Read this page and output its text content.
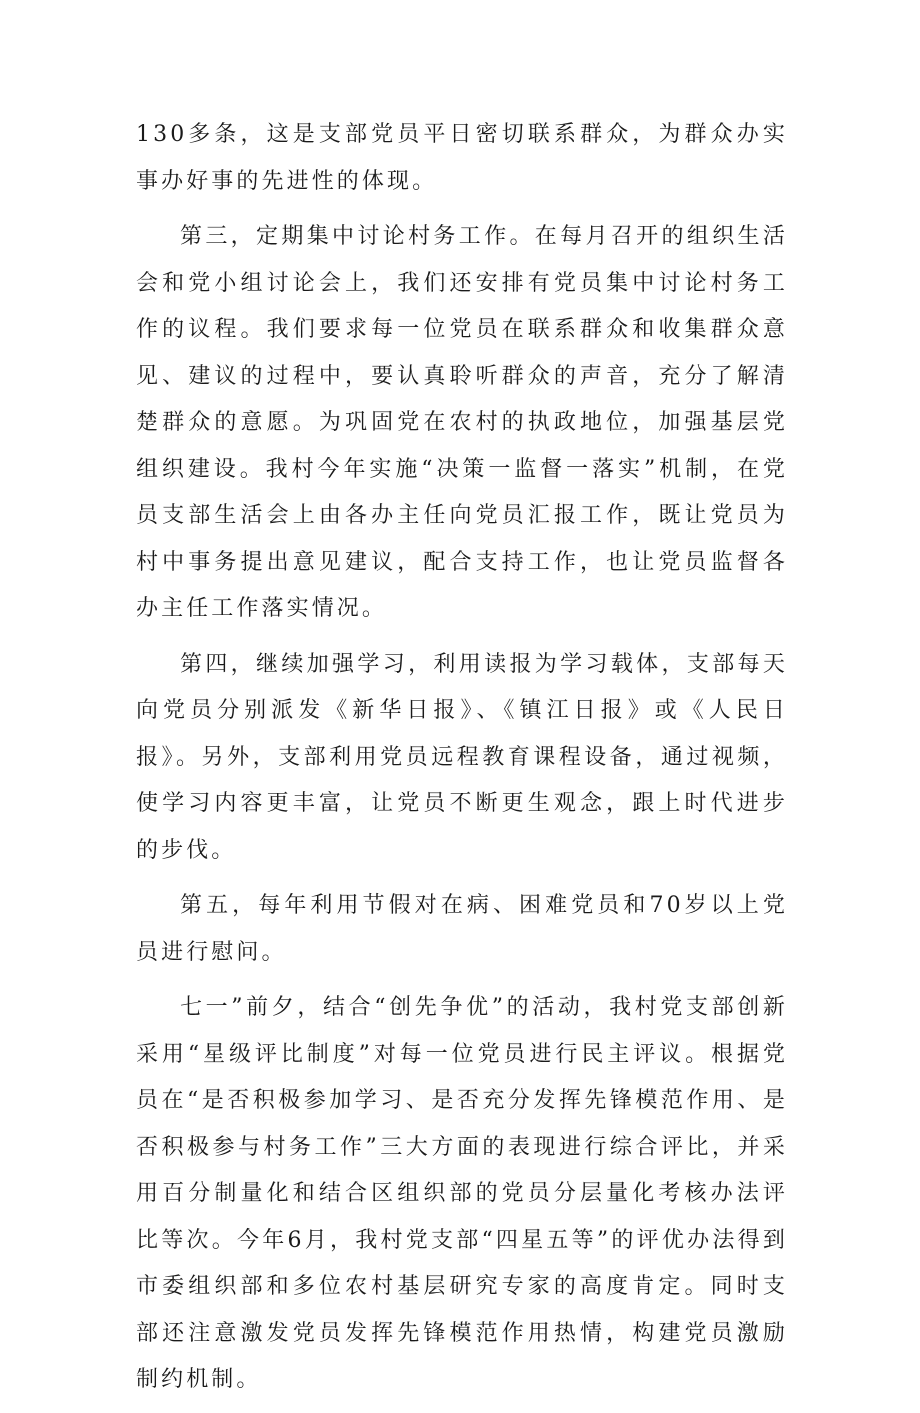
130多条，这是支部党员平日密切联系群众，为群众办实事办好事的先进性的体现。

第三，定期集中讨论村务工作。在每月召开的组织生活会和党小组讨论会上，我们还安排有党员集中讨论村务工作的议程。我们要求每一位党员在联系群众和收集群众意见、建议的过程中，要认真聆听群众的声音，充分了解清楚群众的意愿。为巩固党在农村的执政地位，加强基层党组织建设。我村今年实施“决策一监督一落实”机制，在党员支部生活会上由各办主任向党员汇报工作，既让党员为村中事务提出意见建议，配合支持工作，也让党员监督各办主任工作落实情况。

第四，继续加强学习，利用读报为学习载体，支部每天向党员分别派发《新华日报》、《镇江日报》或《人民日报》。另外，支部利用党员远程教育课程设备，通过视频，使学习内容更丰富，让党员不断更生观念，跟上时代进步的步伐。

第五，每年利用节假对在病、困难党员和70岁以上党员进行慰问。

七一”前夕，结合“创先争优”的活动，我村党支部创新采用“星级评比制度”对每一位党员进行民主评议。根据党员在“是否积极参加学习、是否充分发挥先锋模范作用、是否积极参与村务工作”三大方面的表现进行综合评比，并采用百分制量化和结合区组织部的党员分层量化考核办法评比等次。今年6月，我村党支部“四星五等”的评优办法得到市委组织部和多位农村基层研究专家的高度肯定。同时支部还注意激发党员发挥先锋模范作用热情，构建党员激励制约机制。
